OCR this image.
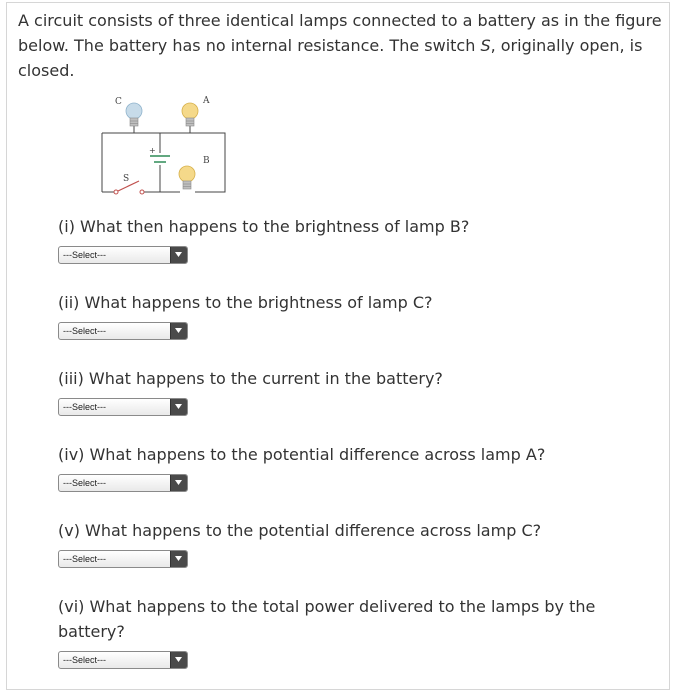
A circuit consists of three identical lamps connected to a battery as in the figure below. The battery has no internal resistance. The switch S, originally open, is closed.

+
C	A
B
S

(i) What then happens to the brightness of lamp B?

---Select---

(ii) What happens to the brightness of lamp C?

---Select---

(iii) What happens to the current in the battery?

---Select---

(iv) What happens to the potential difference across lamp A?

---Select---

(v) What happens to the potential difference across lamp C?

---Select---

(vi) What happens to the total power delivered to the lamps by the battery?

---Select---
